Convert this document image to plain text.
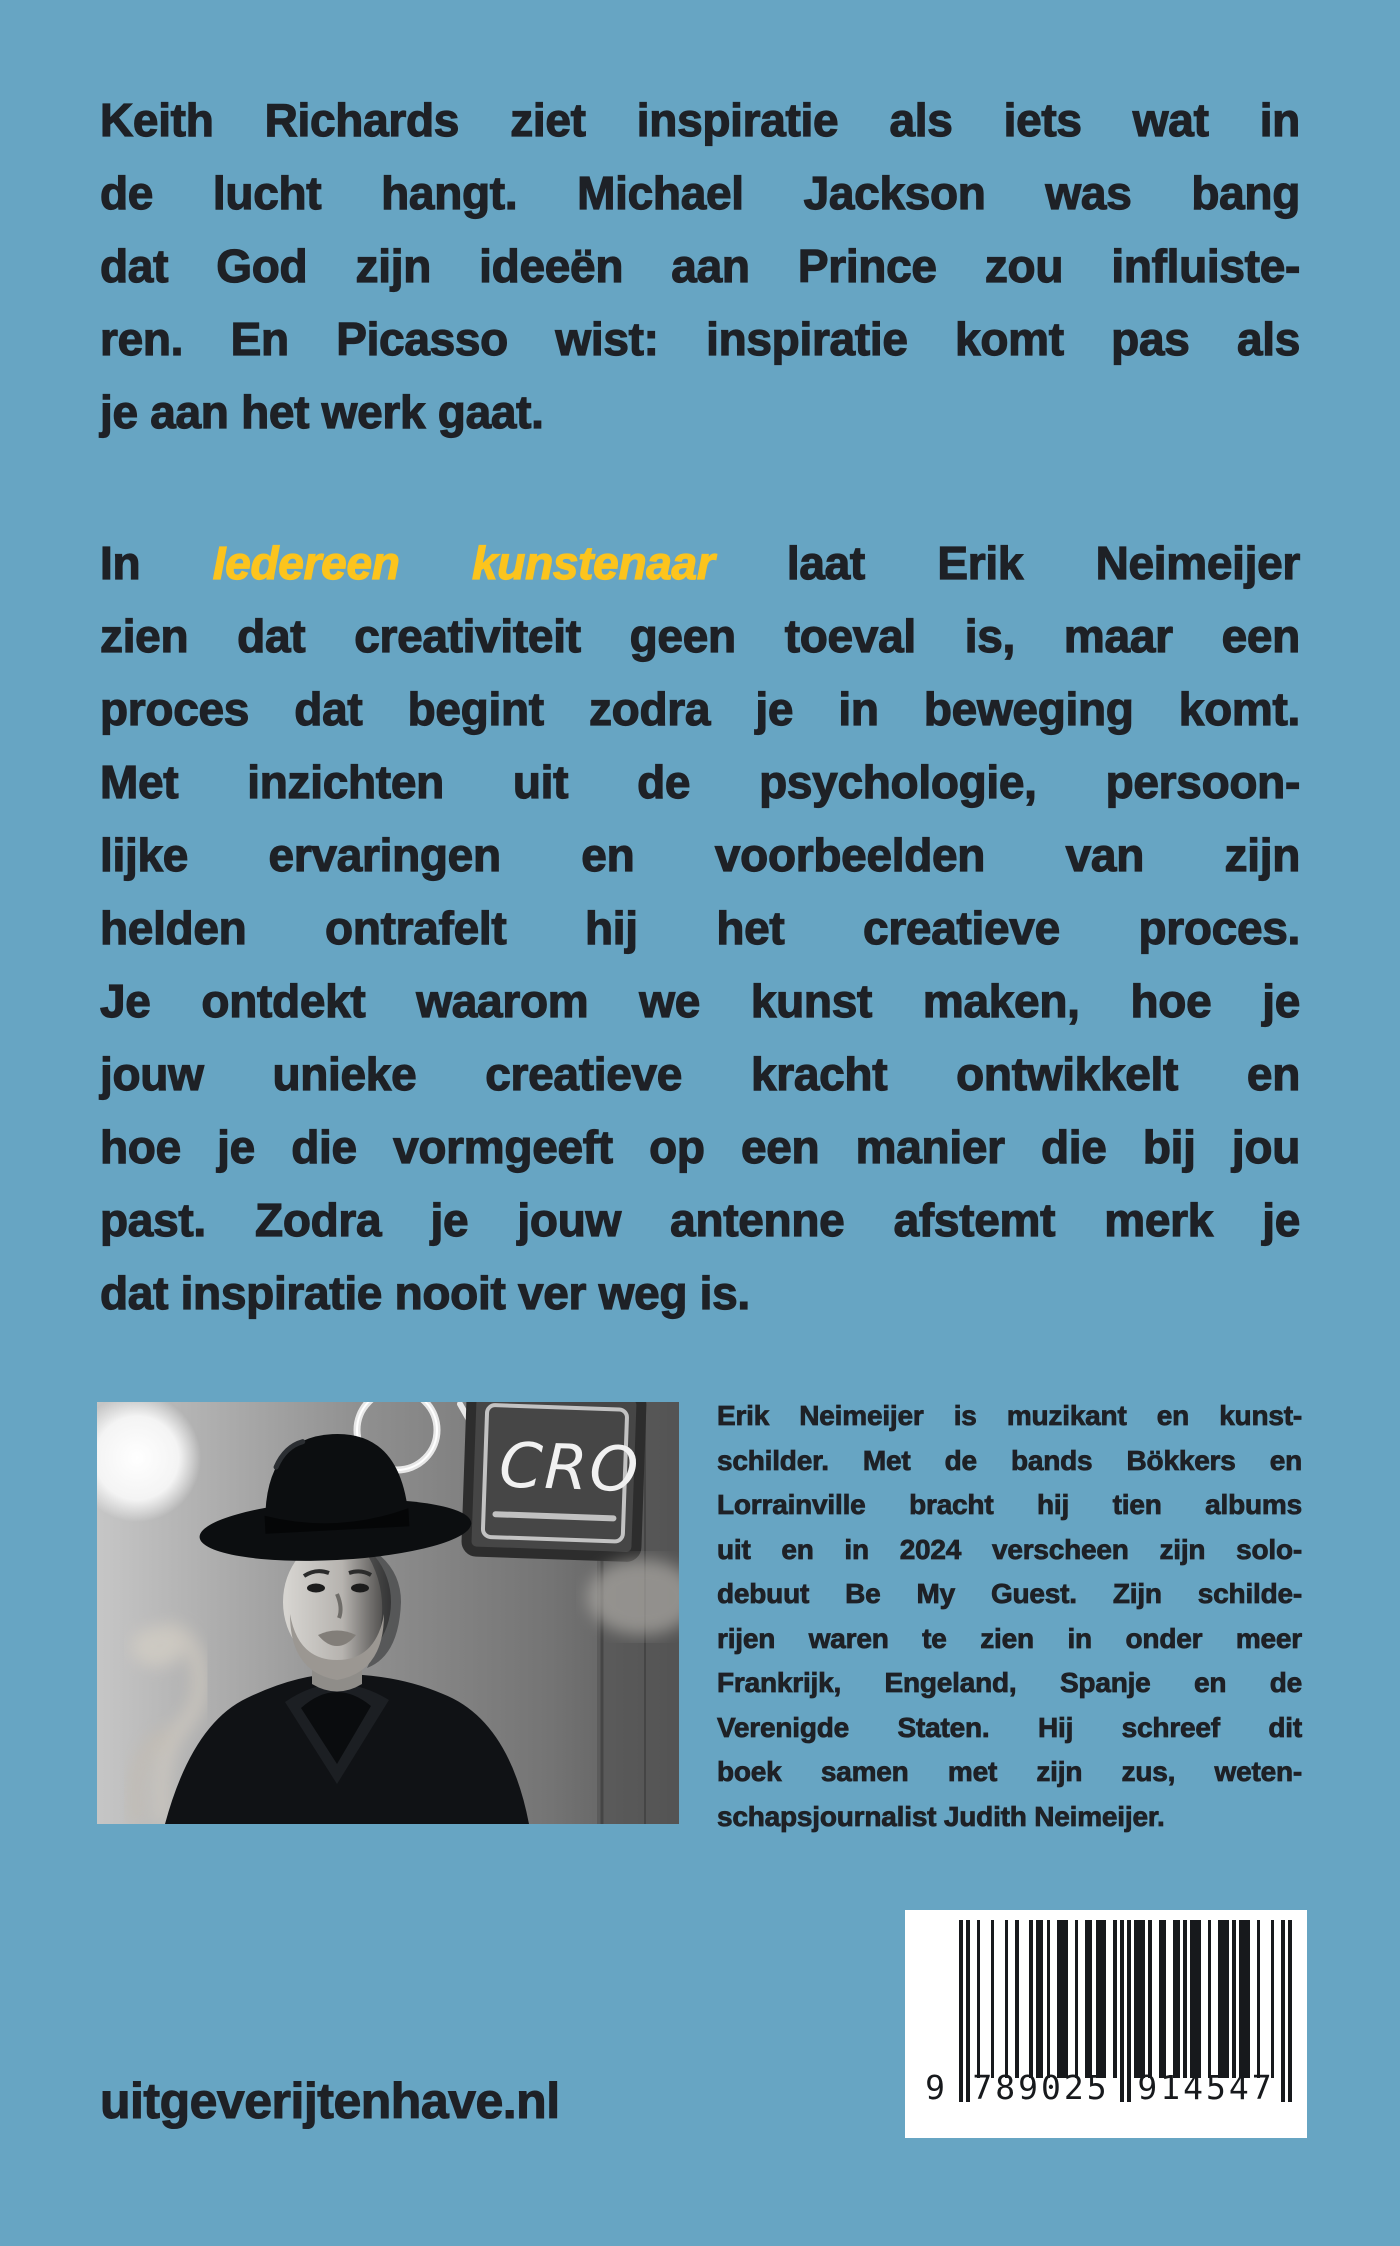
Keith Richards ziet inspiratie als iets wat in
de lucht hangt. Michael Jackson was bang
dat God zijn ideeën aan Prince zou influiste-
ren. En Picasso wist: inspiratie komt pas als
je aan het werk gaat.
In Iedereen kunstenaar laat Erik Neimeijer
zien dat creativiteit geen toeval is, maar een
proces dat begint zodra je in beweging komt.
Met inzichten uit de psychologie, persoon-
lijke ervaringen en voorbeelden van zijn
helden ontrafelt hij het creatieve proces.
Je ontdekt waarom we kunst maken, hoe je
jouw unieke creatieve kracht ontwikkelt en
hoe je die vormgeeft op een manier die bij jou
past. Zodra je jouw antenne afstemt merk je
dat inspiratie nooit ver weg is.
CRO
Erik Neimeijer is muzikant en kunst-
schilder. Met de bands Bökkers en
Lorrainville bracht hij tien albums
uit en in 2024 verscheen zijn solo-
debuut Be My Guest. Zijn schilde-
rijen waren te zien in onder meer
Frankrijk, Engeland, Spanje en de
Verenigde Staten. Hij schreef dit
boek samen met zijn zus, weten-
schapsjournalist Judith Neimeijer.
9 789025 914547
uitgeverijtenhave.nl
